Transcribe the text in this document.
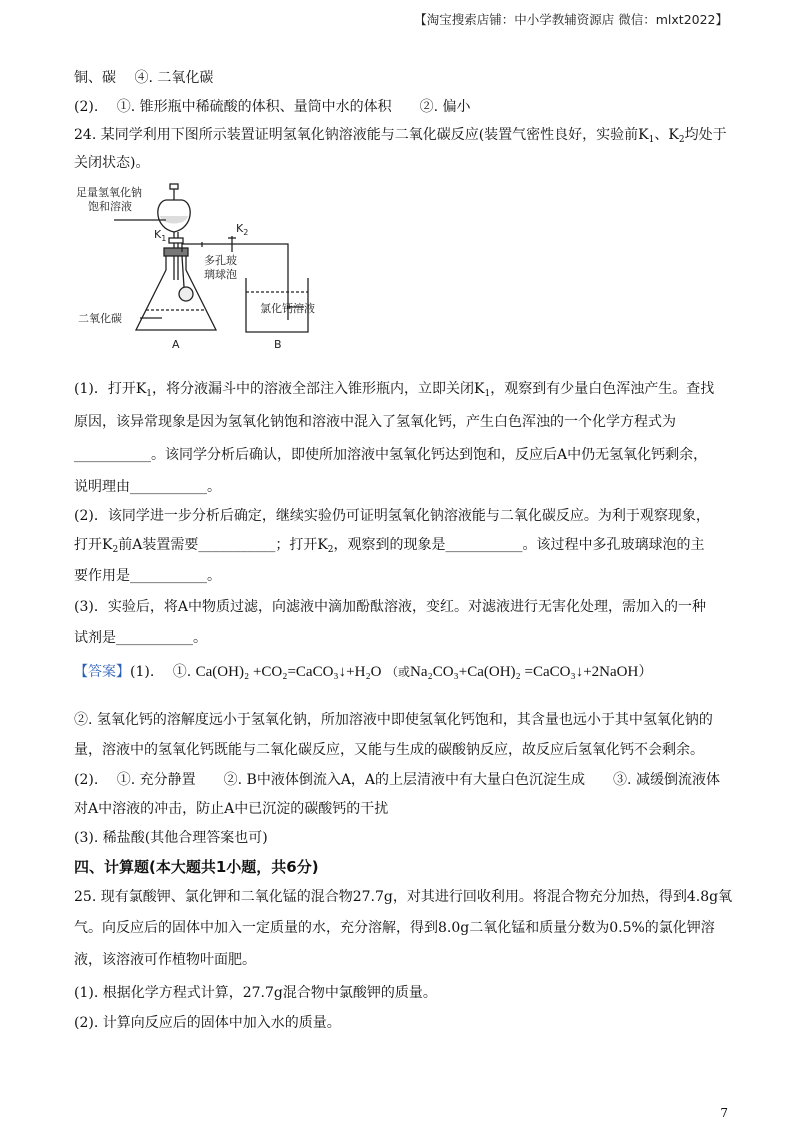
【淘宝搜索店铺：中小学教辅资源店 微信：mlxt2022】
铜、碳　 ④. 二氧化碳
(2).　 ①. 锥形瓶中稀硫酸的体积、量筒中水的体积　　②. 偏小
24. 某同学利用下图所示装置证明氢氧化钠溶液能与二氧化碳反应(装置气密性良好，实验前$K_1$、$K_2$均处于
关闭状态)。
足量氢氧化钠
饱和溶液
$K_1$
$K_2$
多孔玻
璃球泡
二氧化碳
氯化钙溶液
A	B
(1)．打开$K_1$，将分液漏斗中的溶液全部注入锥形瓶内，立即关闭$K_1$，观察到有少量白色浑浊产生。查找
原因，该异常现象是因为氢氧化钠饱和溶液中混入了氢氧化钙，产生白色浑浊的一个化学方程式为
___________。该同学分析后确认，即使所加溶液中氢氧化钙达到饱和，反应后A中仍无氢氧化钙剩余，
说明理由___________。
(2)．该同学进一步分析后确定，继续实验仍可证明氢氧化钠溶液能与二氧化碳反应。为利于观察现象，
打开$K_2$前A装置需要___________；打开$K_2$，观察到的现象是___________。该过程中多孔玻璃球泡的主
要作用是___________。
(3)．实验后，将A中物质过滤，向滤液中滴加酚酞溶液，变红。对滤液进行无害化处理，需加入的一种
试剂是___________。
【答案】(1).　 ①. Ca(OH)₂ +CO₂=CaCO₃↓+H₂O （或Na₂CO₃+Ca(OH)₂ =CaCO₃↓+2NaOH）
②. 氢氧化钙的溶解度远小于氢氧化钠，所加溶液中即使氢氧化钙饱和，其含量也远小于其中氢氧化钠的
量，溶液中的氢氧化钙既能与二氧化碳反应，又能与生成的碳酸钠反应，故反应后氢氧化钙不会剩余。
(2).　 ①. 充分静置　　②. B中液体倒流入A，A的上层清液中有大量白色沉淀生成　　③. 减缓倒流液体
对A中溶液的冲击，防止A中已沉淀的碳酸钙的干扰
(3). 稀盐酸(其他合理答案也可)
四、计算题(本大题共1小题，共6分)
25. 现有氯酸钾、氯化钾和二氧化锰的混合物27.7g，对其进行回收利用。将混合物充分加热，得到4.8g氧
气。向反应后的固体中加入一定质量的水，充分溶解，得到8.0g二氧化锰和质量分数为0.5%的氯化钾溶
液，该溶液可作植物叶面肥。
(1). 根据化学方程式计算，27.7g混合物中氯酸钾的质量。
(2). 计算向反应后的固体中加入水的质量。
7
